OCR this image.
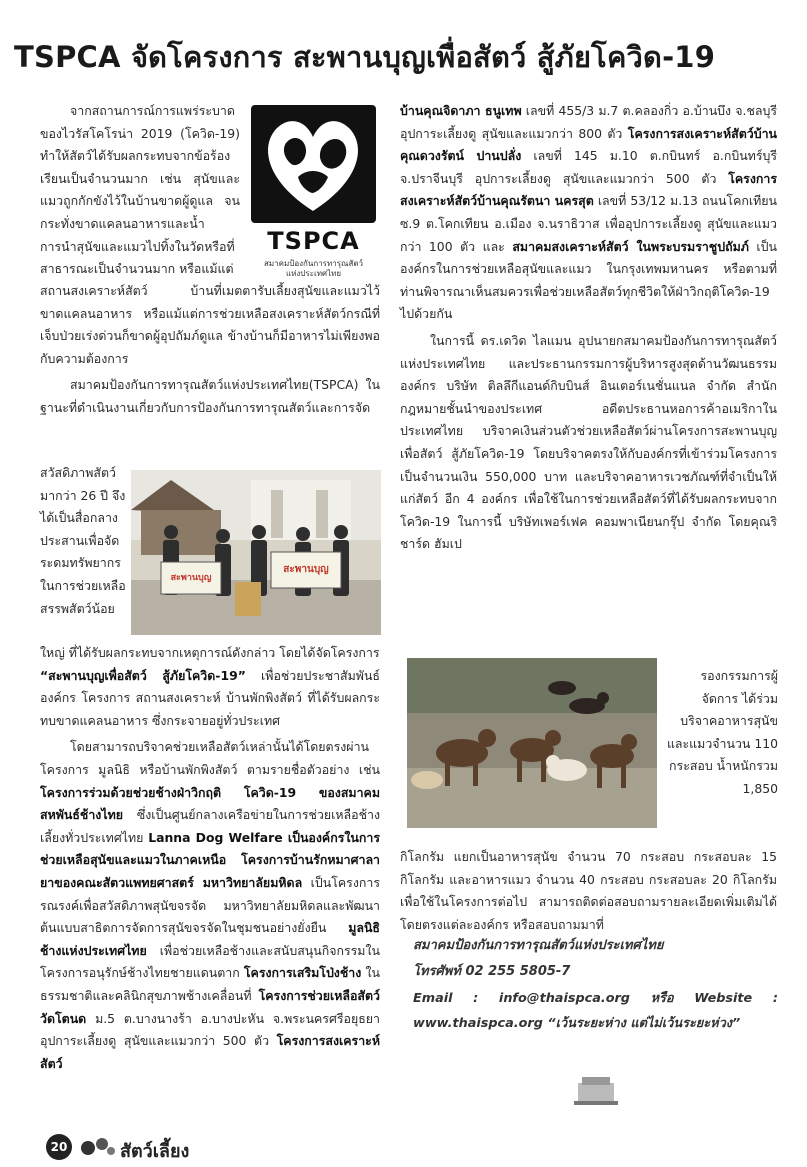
TSPCA จัดโครงการ สะพานบุญเพื่อสัตว์ สู้ภัยโควิด-19

จากสถานการณ์การแพร่ระบาดของไวรัสโคโรน่า 2019 (โควิด-19) ทำให้สัตว์ได้รับผลกระทบจากข้อร้องเรียนเป็นจำนวนมาก เช่น สุนัขและแมวถูกกักขังไว้ในบ้านขาดผู้ดูแล จนกระทั่งขาดแคลนอาหารและน้ำ การนำสุนัขและแมวไปทิ้งในวัดหรือที่สาธารณะเป็นจำนวนมาก หรือแม้แต่

TSPCA
สมาคมป้องกันการทารุณสัตว์
แห่งประเทศไทย

สถานสงเคราะห์สัตว์ บ้านที่เมตตารับเลี้ยงสุนัขและแมวไว้ขาดแคลนอาหาร หรือแม้แต่การช่วยเหลือสงเคราะห์สัตว์กรณีที่เจ็บป่วยเร่งด่วนก็ขาดผู้อุปถัมภ์ดูแล ข้างบ้านก็มีอาหารไม่เพียงพอกับความต้องการ

สมาคมป้องกันการทารุณสัตว์แห่งประเทศไทย(TSPCA) ในฐานะที่ดำเนินงานเกี่ยวกับการป้องกันการทารุณสัตว์และการจัด

สวัสดิภาพสัตว์มากว่า 26 ปี จึงได้เป็นสื่อกลางประสานเพื่อจัดระดมทรัพยากรในการช่วยเหลือสรรพสัตว์น้อย

สะพานบุญ
สะพานบุญ

ใหญ่ ที่ได้รับผลกระทบจากเหตุการณ์ดังกล่าว โดยได้จัดโครงการ
“สะพานบุญเพื่อสัตว์ สู้ภัยโควิด-19” เพื่อช่วยประชาสัมพันธ์ องค์กร โครงการ สถานสงเคราะห์ บ้านพักพิงสัตว์ ที่ได้รับผลกระทบขาดแคลนอาหาร ซึ่งกระจายอยู่ทั่วประเทศ

โดยสามารถบริจาคช่วยเหลือสัตว์เหล่านั้นได้โดยตรงผ่านโครงการ มูลนิธิ หรือบ้านพักพิงสัตว์ ตามรายชื่อตัวอย่าง เช่น โครงการร่วมด้วยช่วยช้างฝ่าวิกฤติ โควิด-19 ของสมาคมสหพันธ์ช้างไทย ซึ่งเป็นศูนย์กลางเครือข่ายในการช่วยเหลือช้างเลี้ยงทั่วประเทศไทย Lanna Dog Welfare เป็นองค์กรในการช่วยเหลือสุนัขและแมวในภาคเหนือ โครงการบ้านรักหมาศาลายาของคณะสัตวแพทยศาสตร์ มหาวิทยาลัยมหิดล เป็นโครงการรณรงค์เพื่อสวัสดิภาพสุนัขจรจัด มหาวิทยาลัยมหิดลและพัฒนาต้นแบบสาธิตการจัดการสุนัขจรจัดในชุมชนอย่างยั่งยืน มูลนิธิช้างแห่งประเทศไทย เพื่อช่วยเหลือช้างและสนับสนุนกิจกรรมในโครงการอนุรักษ์ช้างไทยชายแดนตาก โครงการเสริมโป่งช้าง ในธรรมชาติและคลินิกสุขภาพช้างเคลื่อนที่ โครงการช่วยเหลือสัตว์วัดโตนด ม.5 ต.บางนางร้า อ.บางปะหัน จ.พระนครศรีอยุธยา อุปการะเลี้ยงดู สุนัขและแมวกว่า 500 ตัว โครงการสงเคราะห์สัตว์

บ้านคุณจิดาภา ธนูเทพ เลขที่ 455/3 ม.7 ต.คลองกิ่ว อ.บ้านบึง จ.ชลบุรี อุปการะเลี้ยงดู สุนัขและแมวกว่า 800 ตัว โครงการสงเคราะห์สัตว์บ้านคุณดวงรัตน์ ปานปลั่ง เลขที่ 145 ม.10 ต.กบินทร์ อ.กบินทร์บุรี จ.ปราจีนบุรี อุปการะเลี้ยงดู สุนัขและแมวกว่า 500 ตัว โครงการสงเคราะห์สัตว์บ้านคุณรัตนา นครสุต เลขที่ 53/12 ม.13 ถนนโคกเทียน ซ.9 ต.โคกเทียน อ.เมือง จ.นราธิวาส เพื่ออุปการะเลี้ยงดู สุนัขและแมวกว่า 100 ตัว และ สมาคมสงเคราะห์สัตว์ ในพระบรมราชูปถัมภ์ เป็นองค์กรในการช่วยเหลือสุนัขและแมว ในกรุงเทพมหานคร หรือตามที่ท่านพิจารณาเห็นสมควรเพื่อช่วยเหลือสัตว์ทุกชีวิตให้ฝ่าวิกฤติโควิด-19 ไปด้วยกัน

ในการนี้ ดร.เดวิด ไลแมน อุปนายกสมาคมป้องกันการทารุณสัตว์แห่งประเทศไทย และประธานกรรมการผู้บริหารสูงสุดด้านวัฒนธรรมองค์กร บริษัท ติลลึกีแอนด์กิบบินส์ อินเตอร์เนชั่นแนล จำกัด สำนักกฎหมายชั้นนำของประเทศ อดีตประธานหอการค้าอเมริกาในประเทศไทย บริจาคเงินส่วนตัวช่วยเหลือสัตว์ผ่านโครงการสะพานบุญเพื่อสัตว์ สู้ภัยโควิด-19 โดยบริจาคตรงให้กับองค์กรที่เข้าร่วมโครงการ เป็นจำนวนเงิน 550,000 บาท และบริจาคอาหารเวชภัณฑ์ที่จำเป็นให้แก่สัตว์ อีก 4 องค์กร เพื่อใช้ในการช่วยเหลือสัตว์ที่ได้รับผลกระทบจากโควิด-19 ในการนี้ บริษัทเพอร์เฟค คอมพาเนียนกรุ๊ป จำกัด โดยคุณริชาร์ด ฮัมเป

รองกรรมการผู้จัดการ ได้ร่วมบริจาคอาหารสุนัขและแมวจำนวน 110 กระสอบ น้ำหนักรวม 1,850

กิโลกรัม แยกเป็นอาหารสุนัข จำนวน 70 กระสอบ กระสอบละ 15 กิโลกรัม และอาหารแมว จำนวน 40 กระสอบ กระสอบละ 20 กิโลกรัม เพื่อใช้ในโครงการต่อไป สามารถติดต่อสอบถามรายละเอียดเพิ่มเติมได้โดยตรงแต่ละองค์กร หรือสอบถามมาที่

สมาคมป้องกันการทารุณสัตว์แห่งประเทศไทย
โทรศัพท์ 02 255 5805-7
Email : info@thaispca.org หรือ Website : www.thaispca.org “เว้นระยะห่าง แต่ไม่เว้นระยะห่วง”
20	สัตว์เลี้ยง
